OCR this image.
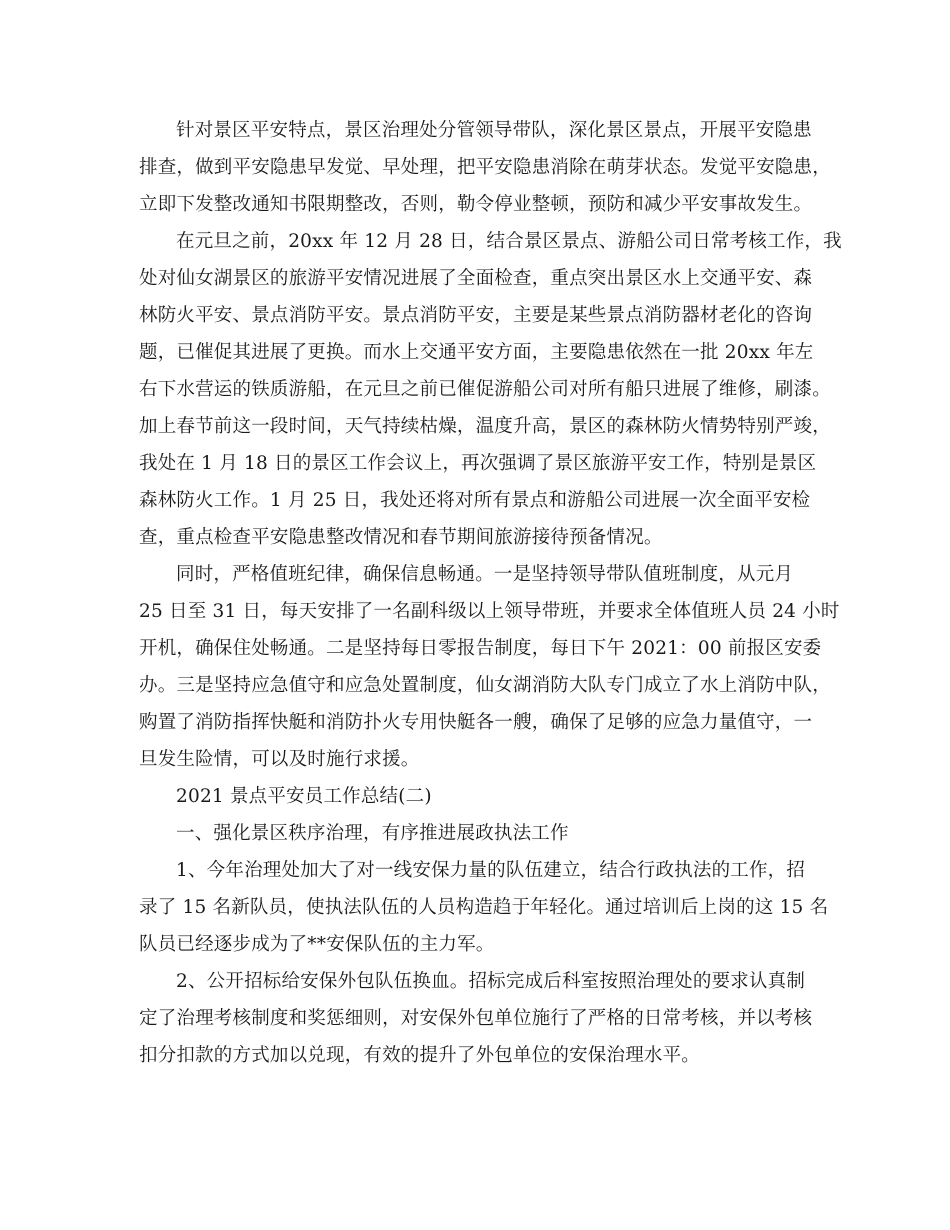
针对景区平安特点，景区治理处分管领导带队，深化景区景点，开展平安隐患
排查，做到平安隐患早发觉、早处理，把平安隐患消除在萌芽状态。发觉平安隐患，
立即下发整改通知书限期整改，否则，勒令停业整顿，预防和减少平安事故发生。
在元旦之前，20xx 年 12 月 28 日，结合景区景点、游船公司日常考核工作，我
处对仙女湖景区的旅游平安情况进展了全面检查，重点突出景区水上交通平安、森
林防火平安、景点消防平安。景点消防平安，主要是某些景点消防器材老化的咨询
题，已催促其进展了更换。而水上交通平安方面，主要隐患依然在一批 20xx 年左
右下水营运的铁质游船，在元旦之前已催促游船公司对所有船只进展了维修，刷漆。
加上春节前这一段时间，天气持续枯燥，温度升高，景区的森林防火情势特别严竣，
我处在 1 月 18 日的景区工作会议上，再次强调了景区旅游平安工作，特别是景区
森林防火工作。1 月 25 日，我处还将对所有景点和游船公司进展一次全面平安检
查，重点检查平安隐患整改情况和春节期间旅游接待预备情况。
同时，严格值班纪律，确保信息畅通。一是坚持领导带队值班制度，从元月
25 日至 31 日，每天安排了一名副科级以上领导带班，并要求全体值班人员 24 小时
开机，确保住处畅通。二是坚持每日零报告制度，每日下午 2021：00 前报区安委
办。三是坚持应急值守和应急处置制度，仙女湖消防大队专门成立了水上消防中队，
购置了消防指挥快艇和消防扑火专用快艇各一艘，确保了足够的应急力量值守，一
旦发生险情，可以及时施行求援。
2021 景点平安员工作总结(二)
一、强化景区秩序治理，有序推进展政执法工作
1、今年治理处加大了对一线安保力量的队伍建立，结合行政执法的工作，招
录了 15 名新队员，使执法队伍的人员构造趋于年轻化。通过培训后上岗的这 15 名
队员已经逐步成为了**安保队伍的主力军。
2、公开招标给安保外包队伍换血。招标完成后科室按照治理处的要求认真制
定了治理考核制度和奖惩细则，对安保外包单位施行了严格的日常考核，并以考核
扣分扣款的方式加以兑现，有效的提升了外包单位的安保治理水平。
